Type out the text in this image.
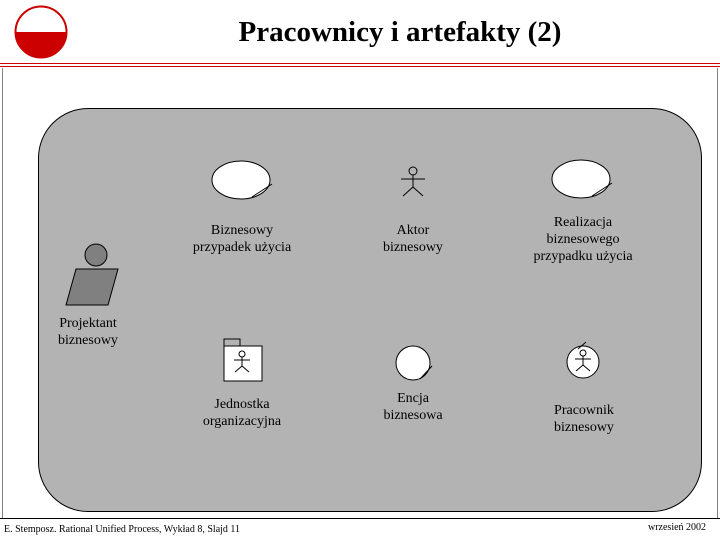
Pracownicy i artefakty (2)
Biznesowy
przypadek użycia
Aktor
biznesowy
Realizacja
biznesowego
przypadku użycia
Projektant
biznesowy
Jednostka
organizacyjna
Encja
biznesowa	Pracownik
biznesowy
E. Stemposz. Rational Unified Process, Wykład 8, Slajd 11	wrzesień 2002
